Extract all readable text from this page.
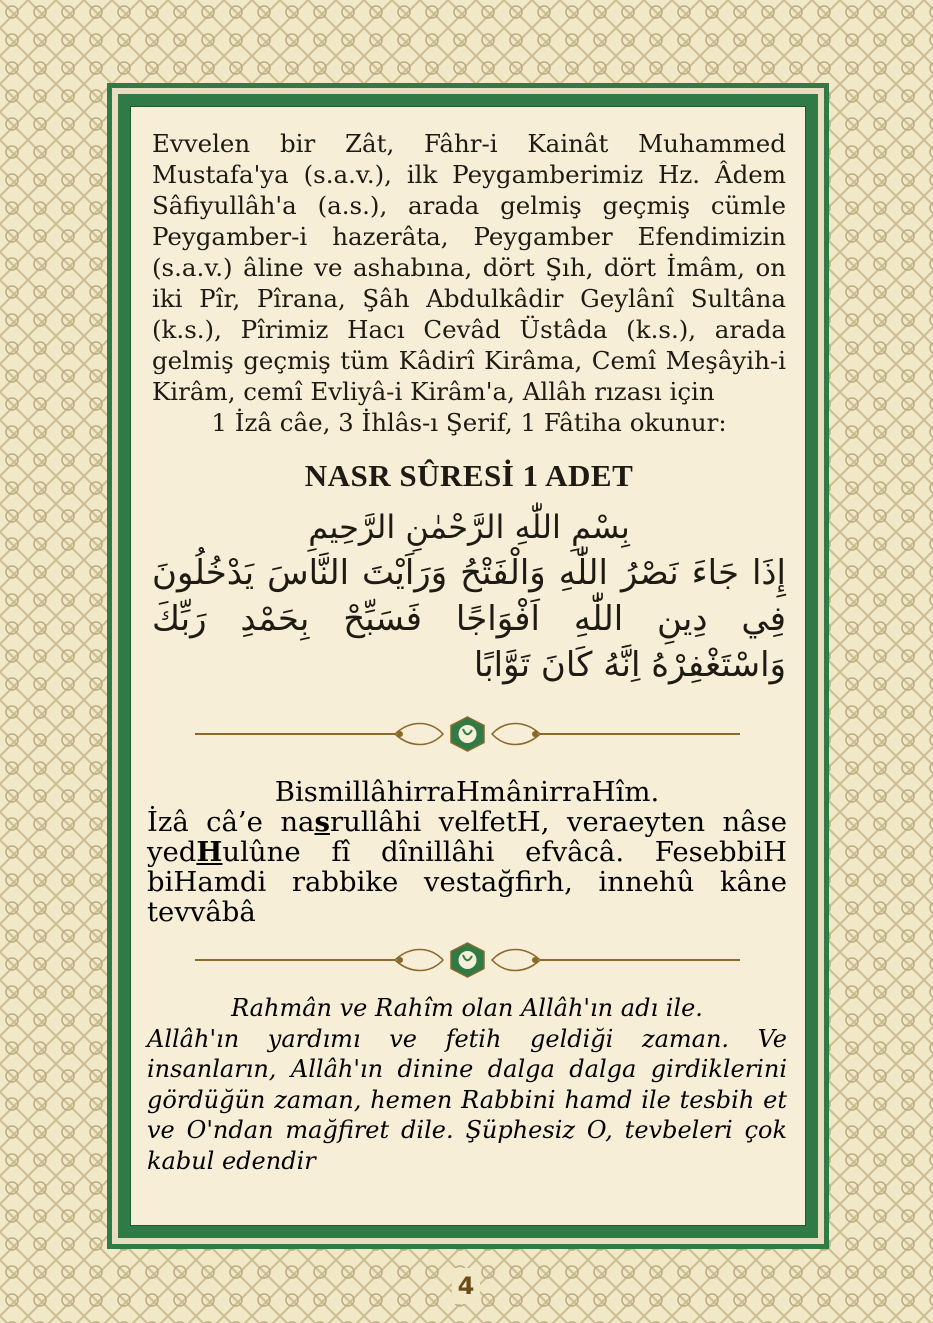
Evvelen bir Zât, Fâhr-i Kainât Muhammed Mustafa'ya (s.a.v.), ilk Peygamberimiz Hz. Âdem Sâfiyullâh'a (a.s.), arada gelmiş geçmiş cümle Peygamber-i hazerâta, Peygamber Efendimizin (s.a.v.) âline ve ashabına, dört Şıh, dört İmâm, on iki Pîr, Pîrana, Şâh Abdulkâdir Geylânî Sultâna (k.s.), Pîrimiz Hacı Cevâd Üstâda (k.s.), arada gelmiş geçmiş tüm Kâdirî Kirâma, Cemî Meşâyih-i Kirâm, cemî Evliyâ-i Kirâm'a, Allâh rızası için

1 İzâ câe, 3 İhlâs-ı Şerif, 1 Fâtiha okunur:

NASR SÛRESİ 1 ADET

بِسْمِ اللّٰهِ الرَّحْمٰنِ الرَّحِيمِ

إِذَا جَاءَ نَصْرُ اللّٰهِ وَالْفَتْحُ وَرَاَيْتَ النَّاسَ يَدْخُلُونَ فِي دِينِ اللّٰهِ اَفْوَاجًا فَسَبِّحْ بِحَمْدِ رَبِّكَ وَاسْتَغْفِرْهُ اِنَّهُ كَانَ تَوَّابًا

BismillâhirraHmânirraHîm.
İzâ câ’e nasrullâhi velfetH, veraeyten nâse yedHulûne fî dînillâhi efvâcâ. FesebbiH biHamdi rabbike vestağfirh, innehû kâne tevvâbâ
Rahmân ve Rahîm olan Allâh'ın adı ile.
Allâh'ın yardımı ve fetih geldiği zaman. Ve insanların, Allâh'ın dinine dalga dalga girdiklerini gördüğün zaman, hemen Rabbini hamd ile tesbih et ve O'ndan mağfiret dile. Şüphesiz O, tevbeleri çok kabul edendir
4
